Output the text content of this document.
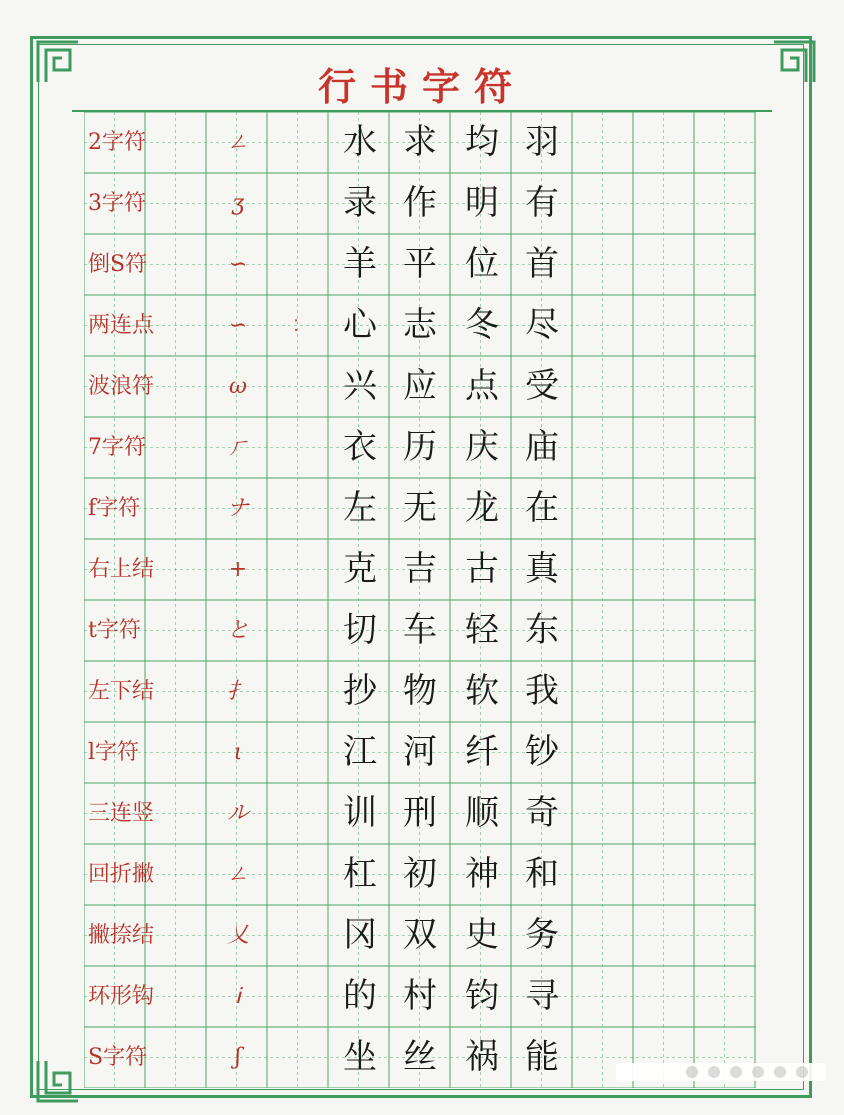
行书字符
2字符	ㄥ	水 求 均 羽
3字符	ʒ	录 作 明 有
倒S符	∽	羊 平 位 首
两连点	∽	⁚	心 志 冬 尽
波浪符	ω	兴 应 点 受
7字符	ㄏ	衣 历 庆 庙
f字符	ナ	左 无 龙 在
右上结	+	克 吉 古 真
t字符	と	切 车 轻 东
左下结	扌	抄 物 软 我
l字符	ι	江 河 纤 钞
三连竖	ル	训 刑 顺 奇
回折撇	ㄥ	杠 初 神 和
撇捺结	乂	冈 双 史 务
环形钩	Ꭵ	的 村 钧 寻
S字符	ʃ	坐 丝 祸 能
